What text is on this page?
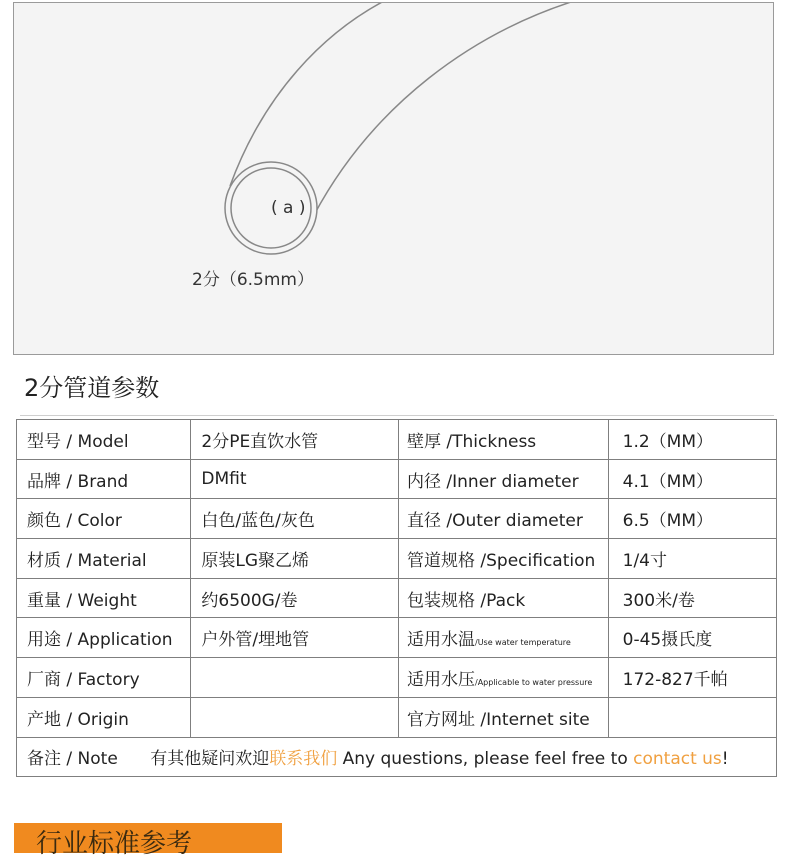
( a )
2分（6.5mm）
2分管道参数
型号 / Model	2分PE直饮水管	壁厚 /Thickness	1.2（MM）
品牌 / Brand	DMfit	内径 /Inner diameter	4.1（MM）
颜色 / Color	白色/蓝色/灰色	直径 /Outer diameter	6.5（MM）
材质 / Material	原装LG聚乙烯	管道规格 /Specification	1/4寸
重量 / Weight	约6500G/卷	包装规格 /Pack	300米/卷
用途 / Application	户外管/埋地管	适用水温/Use water temperature	0-45摄氏度
厂商 / Factory		适用水压/Applicable to water pressure	172-827千帕
产地 / Origin		官方网址 /Internet site	
备注 / Note 有其他疑问欢迎联系我们 Any questions, please feel free to contact us!			
行业标准参考
